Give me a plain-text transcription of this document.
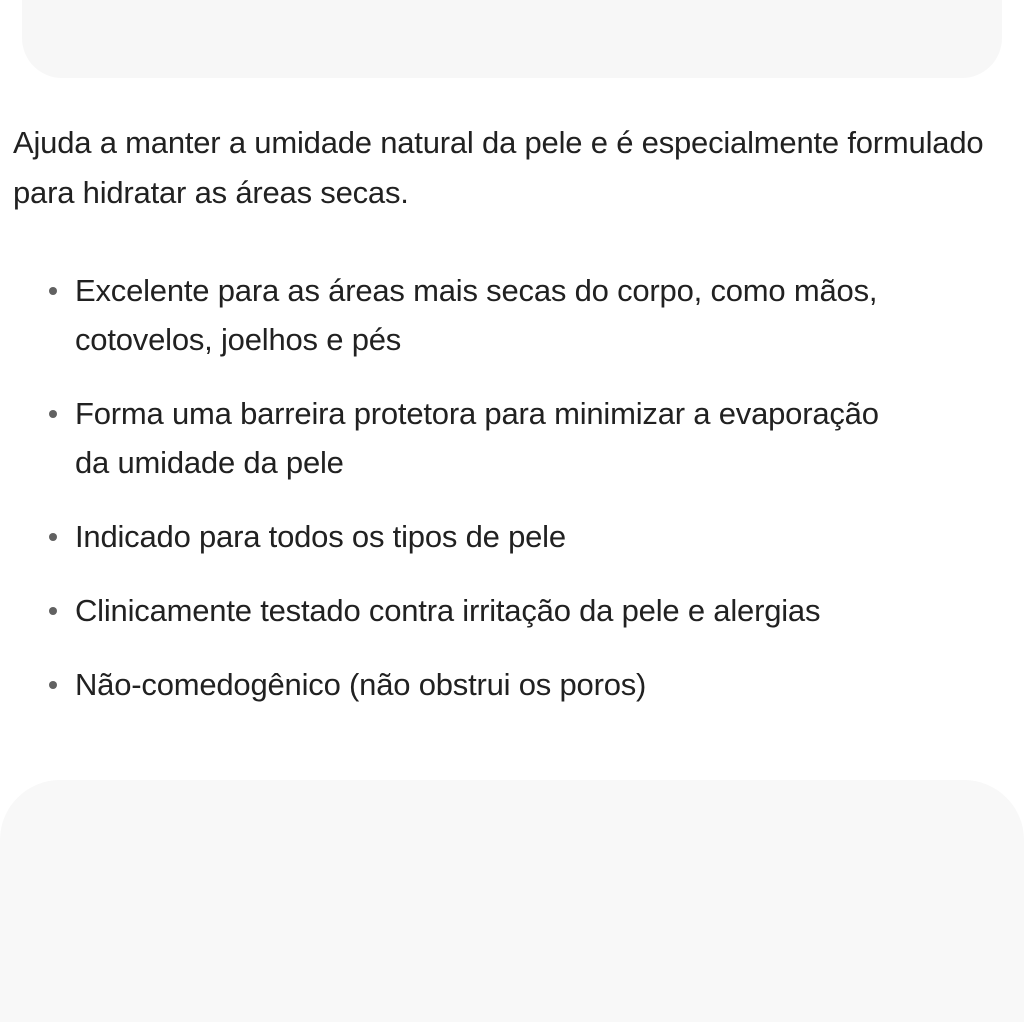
Ajuda a manter a umidade natural da pele e é especialmente formulado para hidratar as áreas secas.

Excelente para as áreas mais secas do corpo, como mãos, cotovelos, joelhos e pés
Forma uma barreira protetora para minimizar a evaporação da umidade da pele
Indicado para todos os tipos de pele
Clinicamente testado contra irritação da pele e alergias
Não-comedogênico (não obstrui os poros)
